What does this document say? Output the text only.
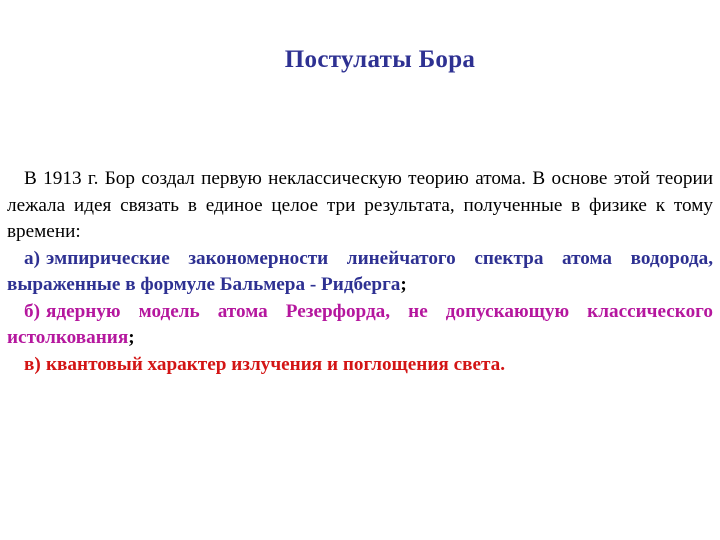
Постулаты Бора

В 1913 г. Бор создал первую неклассическую теорию атома. В основе этой теории лежала идея связать в единое целое три результата, полученные в физике к тому времени:

а) эмпирические закономерности линейчатого спектра атома водорода, выраженные в формуле Бальмера - Ридберга;

б) ядерную модель атома Резерфорда, не допускающую классического истолкования;

в) квантовый характер излучения и поглощения света.
